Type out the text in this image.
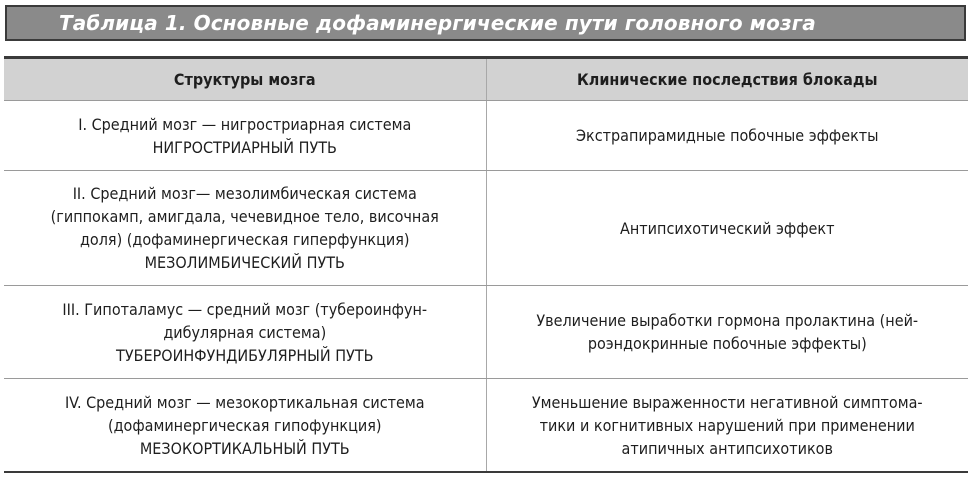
Таблица 1. Основные дофаминергические пути головного мозга
Структуры мозга	Клинические последствия блокады

I. Средний мозг — нигростриарная система
НИГРОСТРИАРНЫЙ ПУТЬ	Экстрапирамидные побочные эффекты

II. Средний мозг— мезолимбическая система
(гиппокамп, амигдала, чечевидное тело, височная
доля) (дофаминергическая гиперфункция)
МЕЗОЛИМБИЧЕСКИЙ ПУТЬ	Антипсихотический эффект

III. Гипоталамус — средний мозг (тубероинфун-
дибулярная система)
ТУБЕРОИНФУНДИБУЛЯРНЫЙ ПУТЬ	Увеличение выработки гормона пролактина (ней-
роэндокринные побочные эффекты)

IV. Средний мозг — мезокортикальная система
(дофаминергическая гипофункция)
МЕЗОКОРТИКАЛЬНЫЙ ПУТЬ	Уменьшение выраженности негативной симптома-
тики и когнитивных нарушений при применении
атипичных антипсихотиков
